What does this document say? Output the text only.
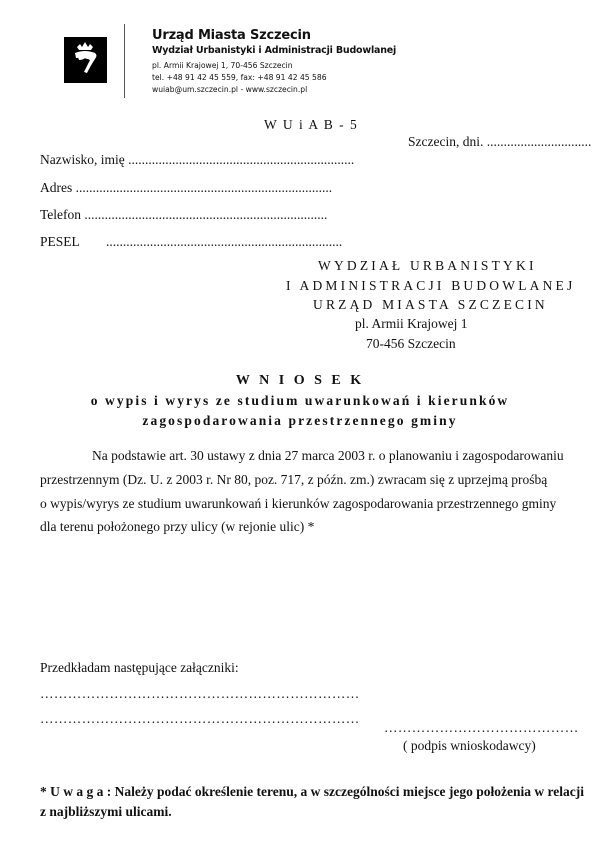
Urząd Miasta Szczecin
Wydział Urbanistyki i Administracji Budowlanej
pl. Armii Krajowej 1, 70-456 Szczecin
tel. +48 91 42 45 559, fax: +48 91 42 45 586
wuiab@um.szczecin.pl - www.szczecin.pl
W U i A B - 5
Szczecin, dni. ...............................
Nazwisko, imię ...................................................................
Adres ............................................................................
Telefon ........................................................................
PESEL ......................................................................
WYDZIAŁ URBANISTYKI
I ADMINISTRACJI BUDOWLANEJ
URZĄD MIASTA SZCZECIN
pl. Armii Krajowej 1
70-456 Szczecin
W N I O S E K
o wypis i wyrys ze studium uwarunkowań i kierunków
zagospodarowania przestrzennego gminy
Na podstawie art. 30 ustawy z dnia 27 marca 2003 r. o planowaniu i zagospodarowaniu
przestrzennym (Dz. U. z 2003 r. Nr 80, poz. 717, z późn. zm.) zwracam się z uprzejmą prośbą
o wypis/wyrys ze studium uwarunkowań i kierunków zagospodarowania przestrzennego gminy
dla terenu położonego przy ulicy (w rejonie ulic) *
Przedkładam następujące załączniki:
……………………………………………………………
……………………………………………………………
……………………………………
( podpis wnioskodawcy)
* U w a g a : Należy podać określenie terenu, a w szczególności miejsce jego położenia w relacji
z najbliższymi ulicami.
